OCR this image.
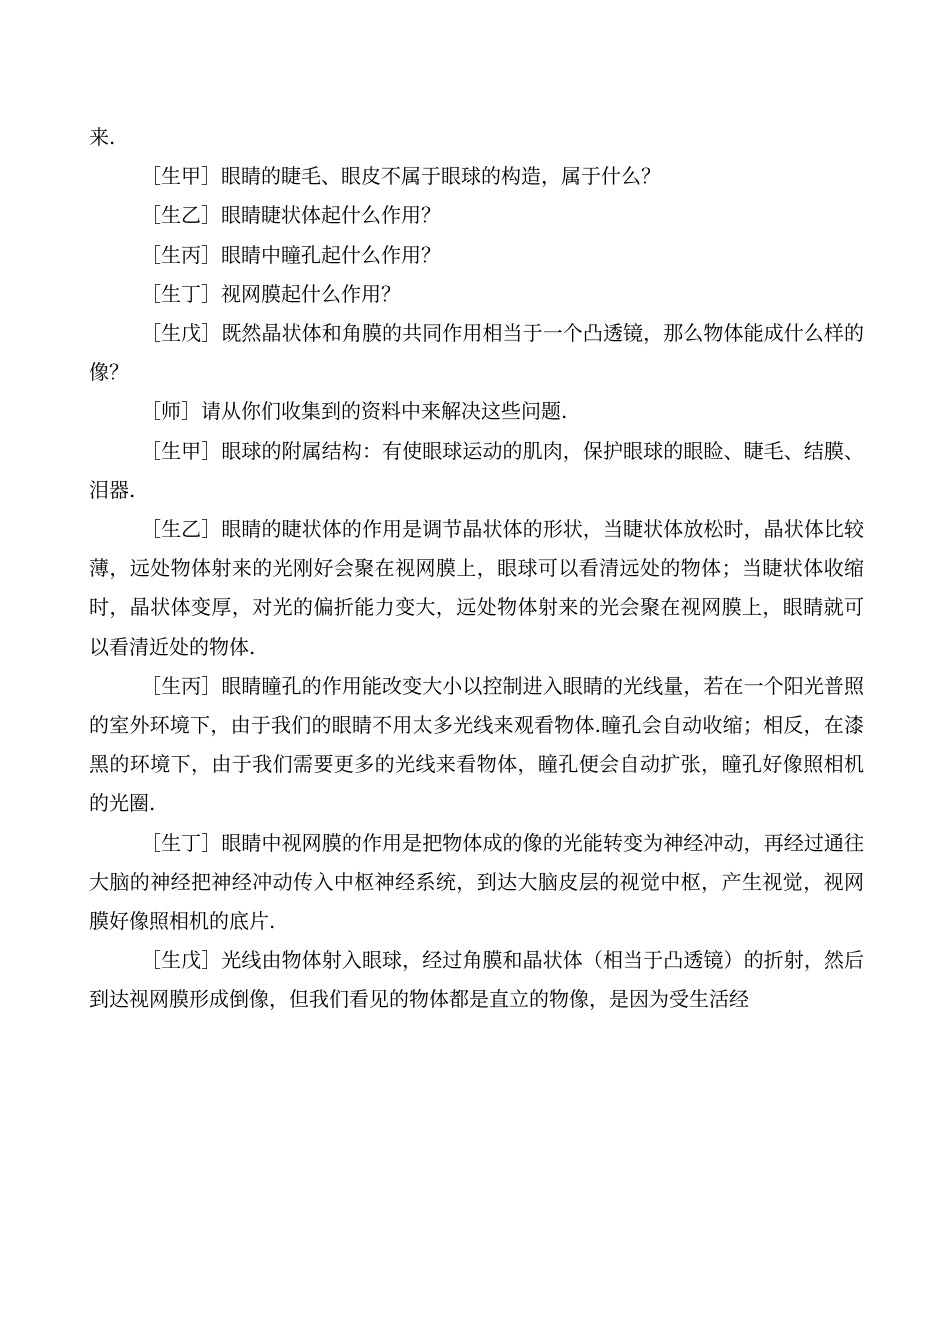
来.

［生甲］眼睛的睫毛、眼皮不属于眼球的构造，属于什么？

［生乙］眼睛睫状体起什么作用？

［生丙］眼睛中瞳孔起什么作用？

［生丁］视网膜起什么作用？

［生戊］既然晶状体和角膜的共同作用相当于一个凸透镜，那么物体能成什么样的像？

［师］请从你们收集到的资料中来解决这些问题.

［生甲］眼球的附属结构：有使眼球运动的肌肉，保护眼球的眼睑、睫毛、结膜、泪器.

［生乙］眼睛的睫状体的作用是调节晶状体的形状，当睫状体放松时，晶状体比较薄，远处物体射来的光刚好会聚在视网膜上，眼球可以看清远处的物体；当睫状体收缩时，晶状体变厚，对光的偏折能力变大，远处物体射来的光会聚在视网膜上，眼睛就可以看清近处的物体.

［生丙］眼睛瞳孔的作用能改变大小以控制进入眼睛的光线量，若在一个阳光普照的室外环境下，由于我们的眼睛不用太多光线来观看物体.瞳孔会自动收缩；相反，在漆黑的环境下，由于我们需要更多的光线来看物体，瞳孔便会自动扩张，瞳孔好像照相机的光圈.

［生丁］眼睛中视网膜的作用是把物体成的像的光能转变为神经冲动，再经过通往大脑的神经把神经冲动传入中枢神经系统，到达大脑皮层的视觉中枢，产生视觉，视网膜好像照相机的底片.

［生戊］光线由物体射入眼球，经过角膜和晶状体（相当于凸透镜）的折射，然后到达视网膜形成倒像，但我们看见的物体都是直立的物像，是因为受生活经
